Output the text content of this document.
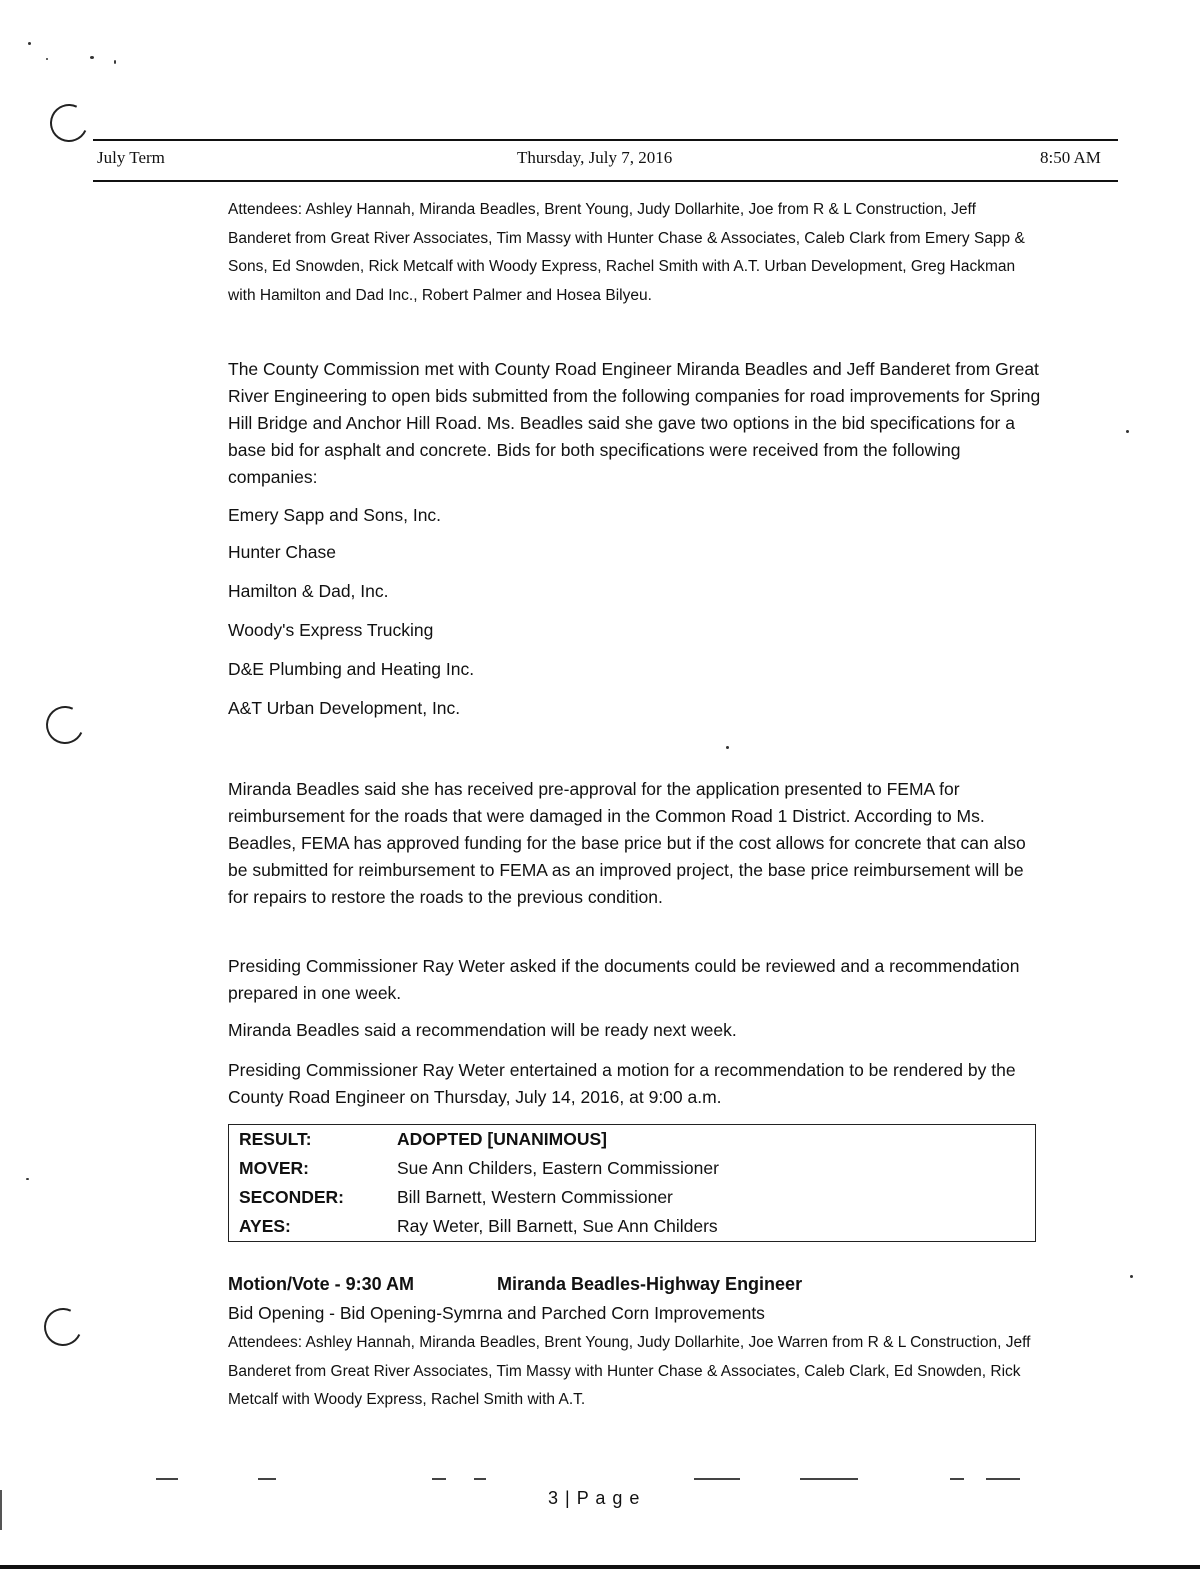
July Term	Thursday, July 7, 2016	8:50 AM
Attendees: Ashley Hannah, Miranda Beadles, Brent Young, Judy Dollarhite, Joe from R & L Construction, Jeff Banderet from Great River Associates, Tim Massy with Hunter Chase & Associates, Caleb Clark from Emery Sapp & Sons, Ed Snowden, Rick Metcalf with Woody Express, Rachel Smith with A.T. Urban Development, Greg Hackman with Hamilton and Dad Inc., Robert Palmer and Hosea Bilyeu.
The County Commission met with County Road Engineer Miranda Beadles and Jeff Banderet from Great River Engineering to open bids submitted from the following companies for road improvements for Spring Hill Bridge and Anchor Hill Road. Ms. Beadles said she gave two options in the bid specifications for a base bid for asphalt and concrete. Bids for both specifications were received from the following companies:
Emery Sapp and Sons, Inc.
Hunter Chase
Hamilton & Dad, Inc.
Woody's Express Trucking
D&E Plumbing and Heating Inc.
A&T Urban Development, Inc.
Miranda Beadles said she has received pre-approval for the application presented to FEMA for reimbursement for the roads that were damaged in the Common Road 1 District. According to Ms. Beadles, FEMA has approved funding for the base price but if the cost allows for concrete that can also be submitted for reimbursement to FEMA as an improved project, the base price reimbursement will be for repairs to restore the roads to the previous condition.
Presiding Commissioner Ray Weter asked if the documents could be reviewed and a recommendation prepared in one week.
Miranda Beadles said a recommendation will be ready next week.
Presiding Commissioner Ray Weter entertained a motion for a recommendation to be rendered by the County Road Engineer on Thursday, July 14, 2016, at 9:00 a.m.
RESULT:	ADOPTED [UNANIMOUS]
MOVER:	Sue Ann Childers, Eastern Commissioner
SECONDER:	Bill Barnett, Western Commissioner
AYES:	Ray Weter, Bill Barnett, Sue Ann Childers
Motion/Vote - 9:30 AM	Miranda Beadles-Highway Engineer
Bid Opening - Bid Opening-Symrna and Parched Corn Improvements
Attendees: Ashley Hannah, Miranda Beadles, Brent Young, Judy Dollarhite, Joe Warren from R & L Construction, Jeff Banderet from Great River Associates, Tim Massy with Hunter Chase & Associates, Caleb Clark, Ed Snowden, Rick Metcalf with Woody Express, Rachel Smith with A.T.
3 | P a g e
